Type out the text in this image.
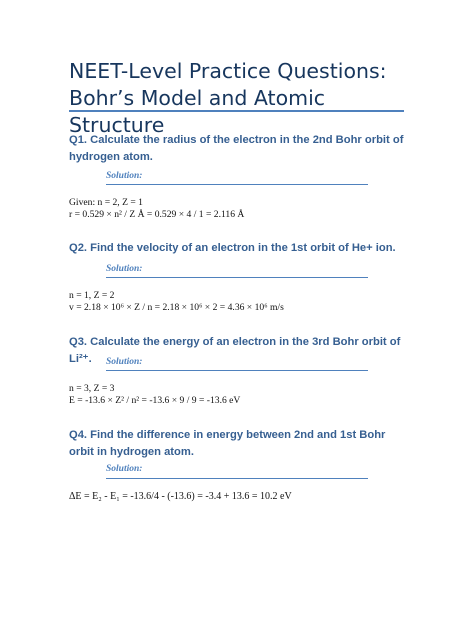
NEET-Level Practice Questions: Bohr’s Model and Atomic Structure
Q1. Calculate the radius of the electron in the 2nd Bohr orbit of hydrogen atom.
Solution:
Given: n = 2, Z = 1
r = 0.529 × n² / Z Å = 0.529 × 4 / 1 = 2.116 Å
Q2. Find the velocity of an electron in the 1st orbit of He+ ion.
Solution:
n = 1, Z = 2
v = 2.18 × 10⁶ × Z / n = 2.18 × 10⁶ × 2 = 4.36 × 10⁶ m/s
Q3. Calculate the energy of an electron in the 3rd Bohr orbit of Li²⁺.	Solution:
n = 3, Z = 3
E = -13.6 × Z² / n² = -13.6 × 9 / 9 = -13.6 eV
Q4. Find the difference in energy between 2nd and 1st Bohr orbit in hydrogen atom.
Solution:
ΔE = E₂ - E₁ = -13.6/4 - (-13.6) = -3.4 + 13.6 = 10.2 eV
